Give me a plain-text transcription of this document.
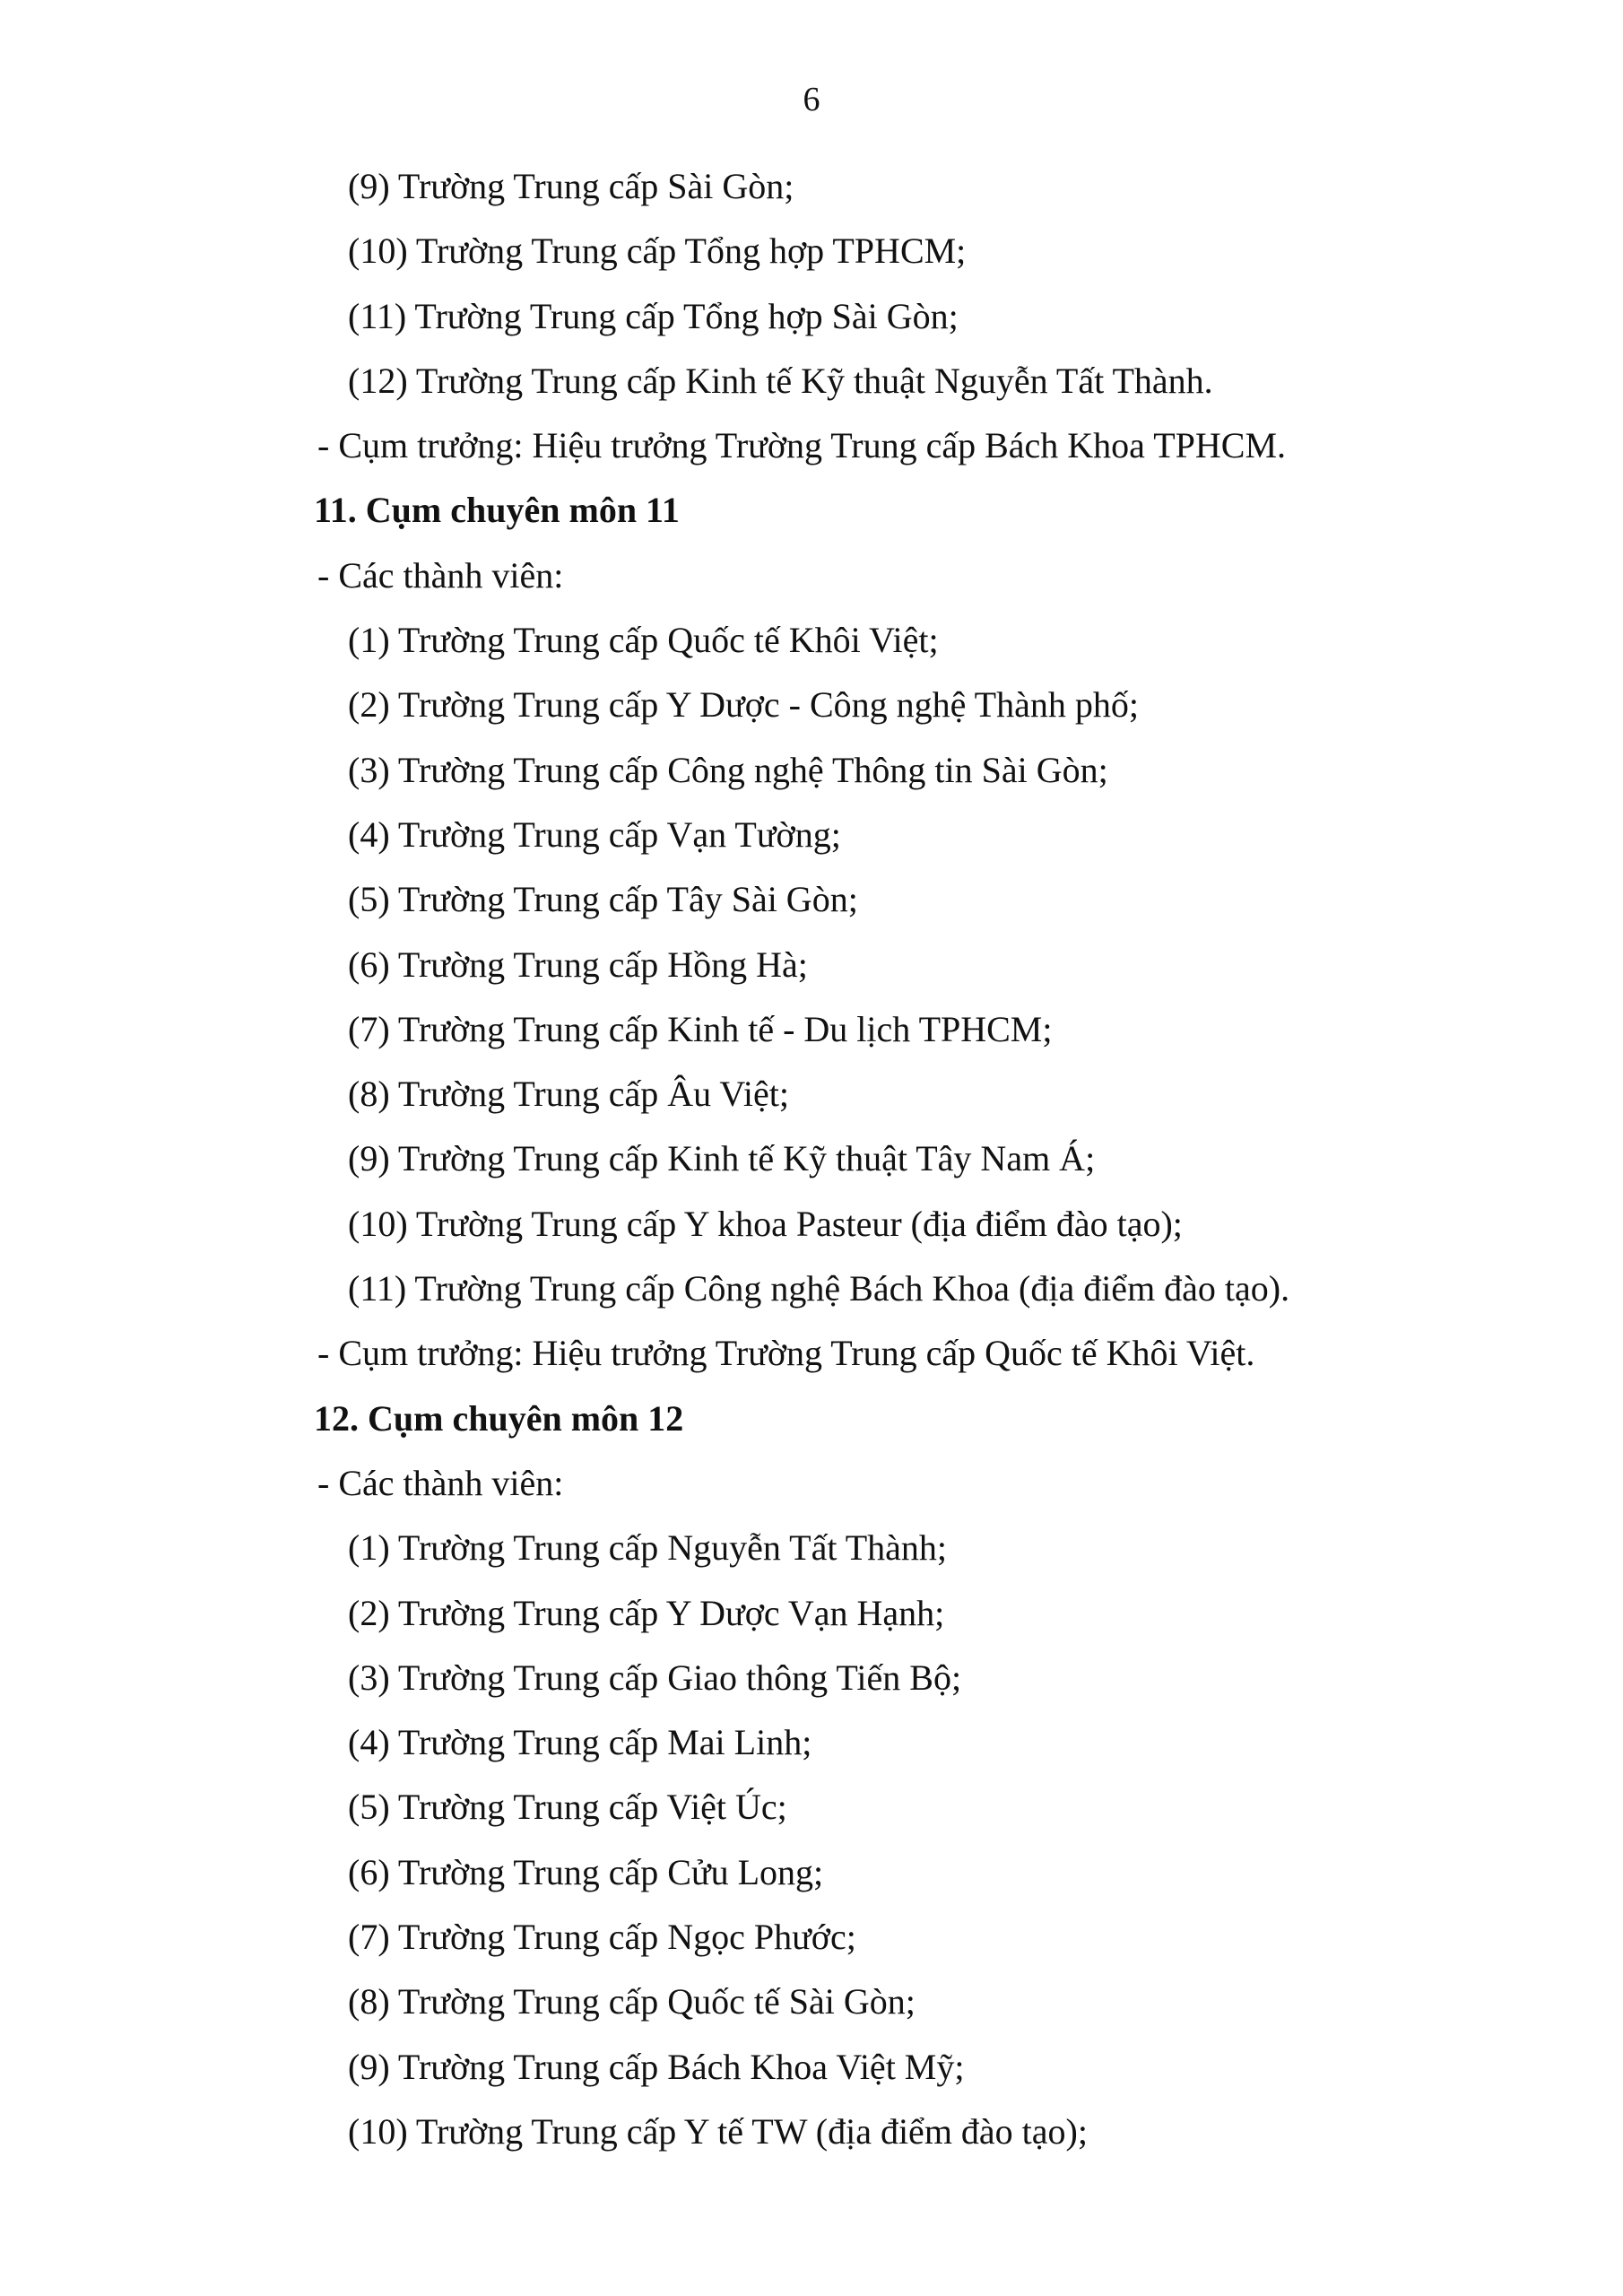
6
(9) Trường Trung cấp Sài Gòn;
(10) Trường Trung cấp Tổng hợp TPHCM;
(11) Trường Trung cấp Tổng hợp Sài Gòn;
(12) Trường Trung cấp Kinh tế Kỹ thuật Nguyễn Tất Thành.
- Cụm trưởng: Hiệu trưởng Trường Trung cấp Bách Khoa TPHCM.
11. Cụm chuyên môn 11
- Các thành viên:
(1) Trường Trung cấp Quốc tế Khôi Việt;
(2) Trường Trung cấp Y Dược - Công nghệ Thành phố;
(3) Trường Trung cấp Công nghệ Thông tin Sài Gòn;
(4) Trường Trung cấp Vạn Tường;
(5) Trường Trung cấp Tây Sài Gòn;
(6) Trường Trung cấp Hồng Hà;
(7) Trường Trung cấp Kinh tế - Du lịch TPHCM;
(8) Trường Trung cấp Âu Việt;
(9) Trường Trung cấp Kinh tế Kỹ thuật Tây Nam Á;
(10) Trường Trung cấp Y khoa Pasteur (địa điểm đào tạo);
(11) Trường Trung cấp Công nghệ Bách Khoa (địa điểm đào tạo).
- Cụm trưởng: Hiệu trưởng Trường Trung cấp Quốc tế Khôi Việt.
12. Cụm chuyên môn 12
- Các thành viên:
(1) Trường Trung cấp Nguyễn Tất Thành;
(2) Trường Trung cấp Y Dược Vạn Hạnh;
(3) Trường Trung cấp Giao thông Tiến Bộ;
(4) Trường Trung cấp Mai Linh;
(5) Trường Trung cấp Việt Úc;
(6) Trường Trung cấp Cửu Long;
(7) Trường Trung cấp Ngọc Phước;
(8) Trường Trung cấp Quốc tế Sài Gòn;
(9) Trường Trung cấp Bách Khoa Việt Mỹ;
(10) Trường Trung cấp Y tế TW (địa điểm đào tạo);
